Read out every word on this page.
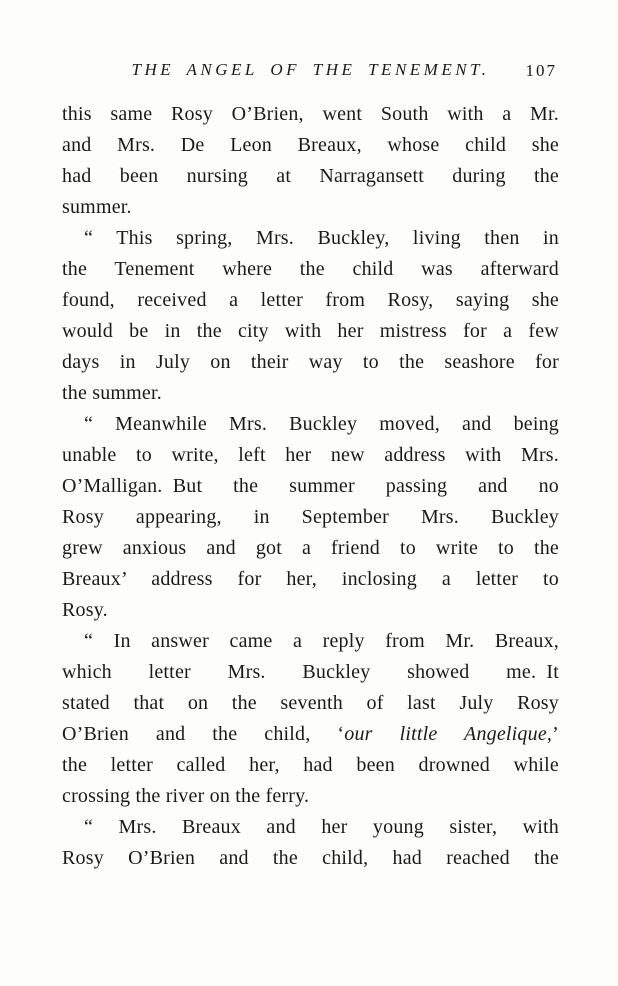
THE ANGEL OF THE TENEMENT.	107
this same Rosy O’Brien, went South with a Mr.
and Mrs. De Leon Breaux, whose child she
had been nursing at Narragansett during the
summer.
“ This spring, Mrs. Buckley, living then in
the Tenement where the child was afterward
found, received a letter from Rosy, saying she
would be in the city with her mistress for a few
days in July on their way to the seashore for
the summer.
“ Meanwhile Mrs. Buckley moved, and being
unable to write, left her new address with Mrs.
O’Malligan. But the summer passing and no
Rosy appearing, in September Mrs. Buckley
grew anxious and got a friend to write to the
Breaux’ address for her, inclosing a letter to
Rosy.
“ In answer came a reply from Mr. Breaux,
which letter Mrs. Buckley showed me. It
stated that on the seventh of last July Rosy
O’Brien and the child, ‘our little Angelique,’
the letter called her, had been drowned while
crossing the river on the ferry.
“ Mrs. Breaux and her young sister, with
Rosy O’Brien and the child, had reached the
